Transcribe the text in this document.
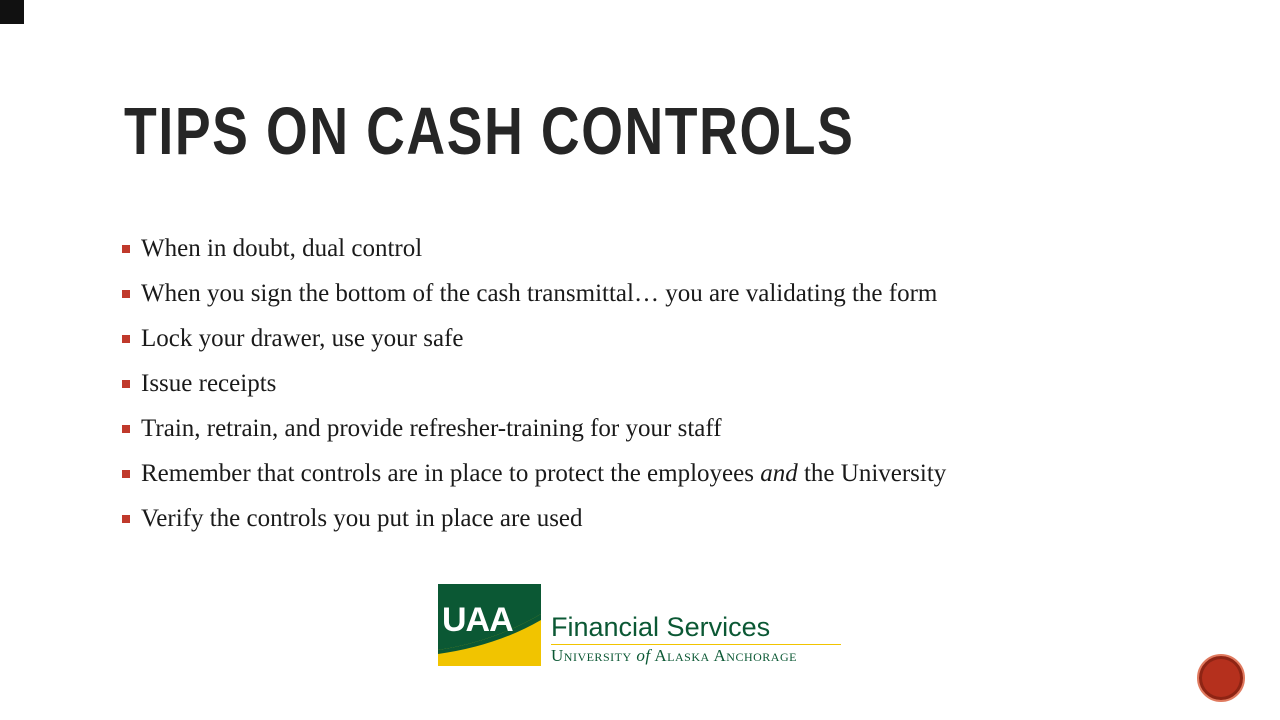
TIPS ON CASH CONTROLS
When in doubt, dual control
When you sign the bottom of the cash transmittal… you are validating the form
Lock your drawer, use your safe
Issue receipts
Train, retrain, and provide refresher-training for your staff
Remember that controls are in place to protect the employees and the University
Verify the controls you put in place are used
UAA Financial Services
University of Alaska Anchorage
